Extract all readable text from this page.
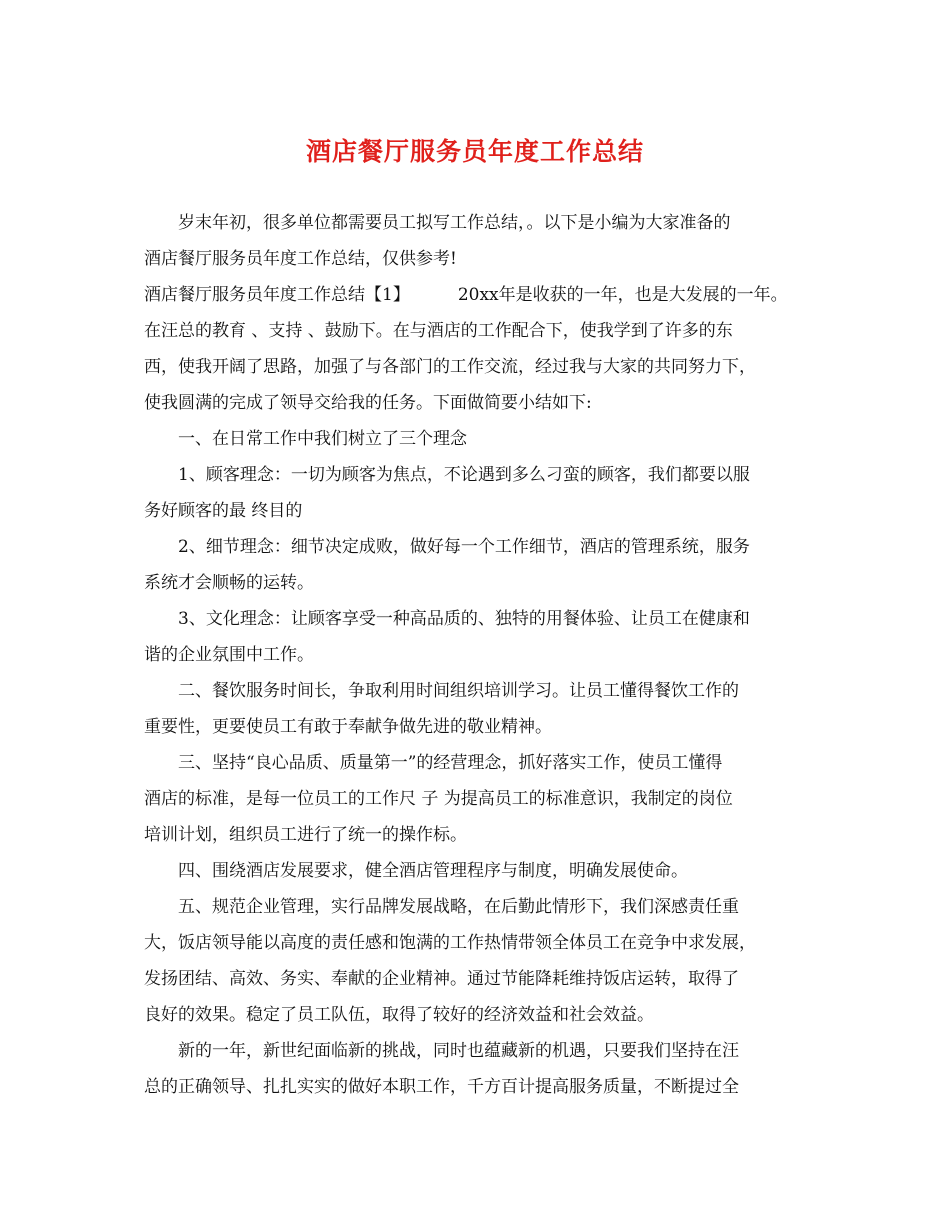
酒店餐厅服务员年度工作总结
岁末年初，很多单位都需要员工拟写工作总结，。以下是小编为大家准备的
酒店餐厅服务员年度工作总结，仅供参考!
酒店餐厅服务员年度工作总结【1】	20xx年是收获的一年，也是大发展的一年。
在汪总的教育 、支持 、鼓励下。在与酒店的工作配合下，使我学到了许多的东
西，使我开阔了思路，加强了与各部门的工作交流，经过我与大家的共同努力下，
使我圆满的完成了领导交给我的任务。下面做简要小结如下:
一、在日常工作中我们树立了三个理念
1、顾客理念：一切为顾客为焦点，不论遇到多么刁蛮的顾客，我们都要以服
务好顾客的最 终目的
2、细节理念：细节决定成败，做好每一个工作细节，酒店的管理系统，服务
系统才会顺畅的运转。
3、文化理念：让顾客享受一种高品质的、独特的用餐体验、让员工在健康和
谐的企业氛围中工作。
二、餐饮服务时间长，争取利用时间组织培训学习。让员工懂得餐饮工作的
重要性，更要使员工有敢于奉献争做先进的敬业精神。
三、坚持“良心品质、质量第一”的经营理念，抓好落实工作，使员工懂得
酒店的标准，是每一位员工的工作尺 子 为提高员工的标准意识，我制定的岗位
培训计划，组织员工进行了统一的操作标。
四、围绕酒店发展要求，健全酒店管理程序与制度，明确发展使命。
五、规范企业管理，实行品牌发展战略，在后勤此情形下，我们深感责任重
大，饭店领导能以高度的责任感和饱满的工作热情带领全体员工在竞争中求发展，
发扬团结、高效、务实、奉献的企业精神。通过节能降耗维持饭店运转，取得了
良好的效果。稳定了员工队伍，取得了较好的经济效益和社会效益。
新的一年，新世纪面临新的挑战，同时也蕴藏新的机遇，只要我们坚持在汪
总的正确领导、扎扎实实的做好本职工作，千方百计提高服务质量，不断提过全
